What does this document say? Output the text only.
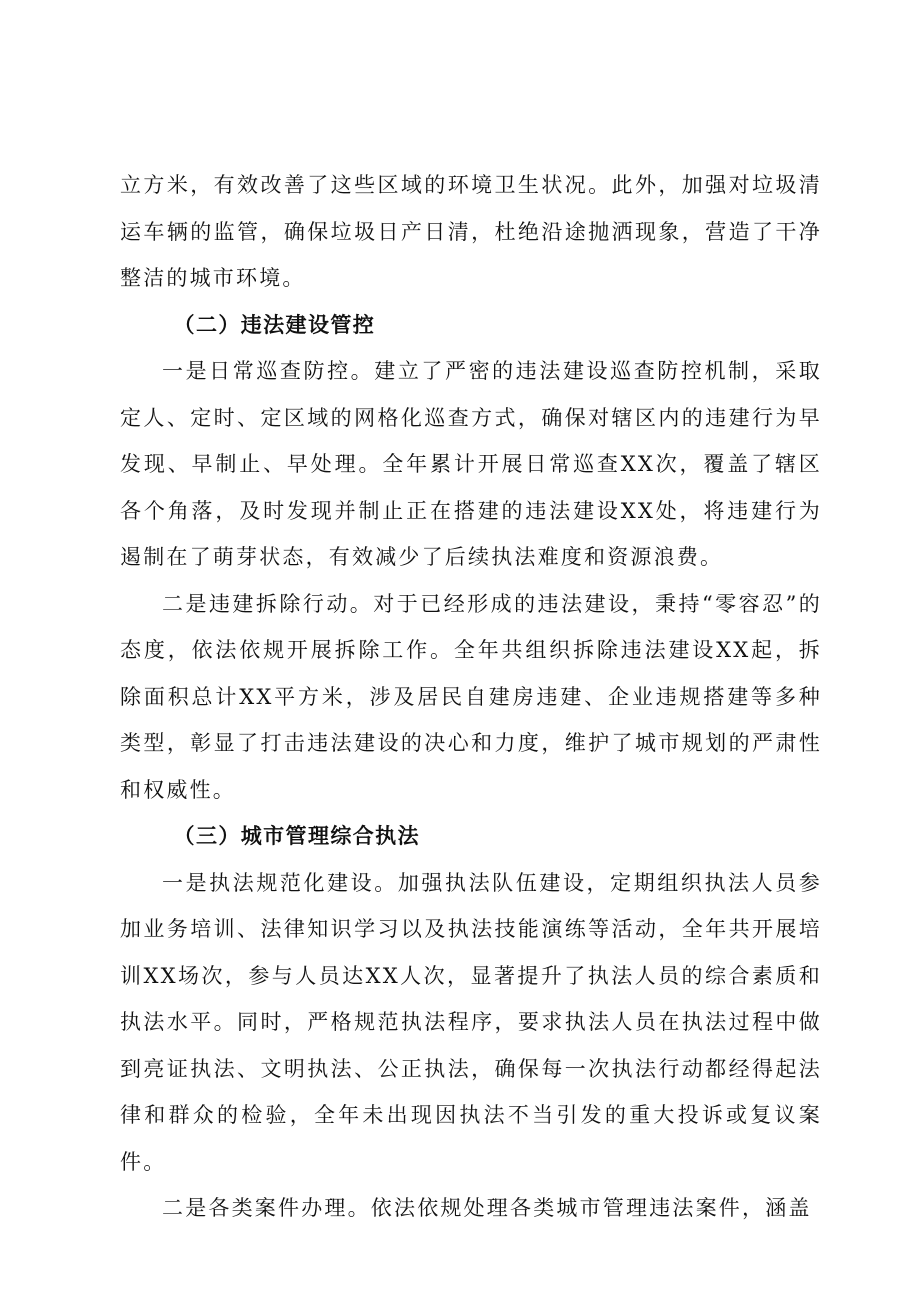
立方米，有效改善了这些区域的环境卫生状况。此外，加强对垃圾清运车辆的监管，确保垃圾日产日清，杜绝沿途抛洒现象，营造了干净整洁的城市环境。

（二）违法建设管控

一是日常巡查防控。建立了严密的违法建设巡查防控机制，采取定人、定时、定区域的网格化巡查方式，确保对辖区内的违建行为早发现、早制止、早处理。全年累计开展日常巡查XX次，覆盖了辖区各个角落，及时发现并制止正在搭建的违法建设XX处，将违建行为遏制在了萌芽状态，有效减少了后续执法难度和资源浪费。

二是违建拆除行动。对于已经形成的违法建设，秉持“零容忍”的态度，依法依规开展拆除工作。全年共组织拆除违法建设XX起，拆除面积总计XX平方米，涉及居民自建房违建、企业违规搭建等多种类型，彰显了打击违法建设的决心和力度，维护了城市规划的严肃性和权威性。

（三）城市管理综合执法

一是执法规范化建设。加强执法队伍建设，定期组织执法人员参加业务培训、法律知识学习以及执法技能演练等活动，全年共开展培训XX场次，参与人员达XX人次，显著提升了执法人员的综合素质和执法水平。同时，严格规范执法程序，要求执法人员在执法过程中做到亮证执法、文明执法、公正执法，确保每一次执法行动都经得起法律和群众的检验，全年未出现因执法不当引发的重大投诉或复议案件。

二是各类案件办理。依法依规处理各类城市管理违法案件，涵盖
